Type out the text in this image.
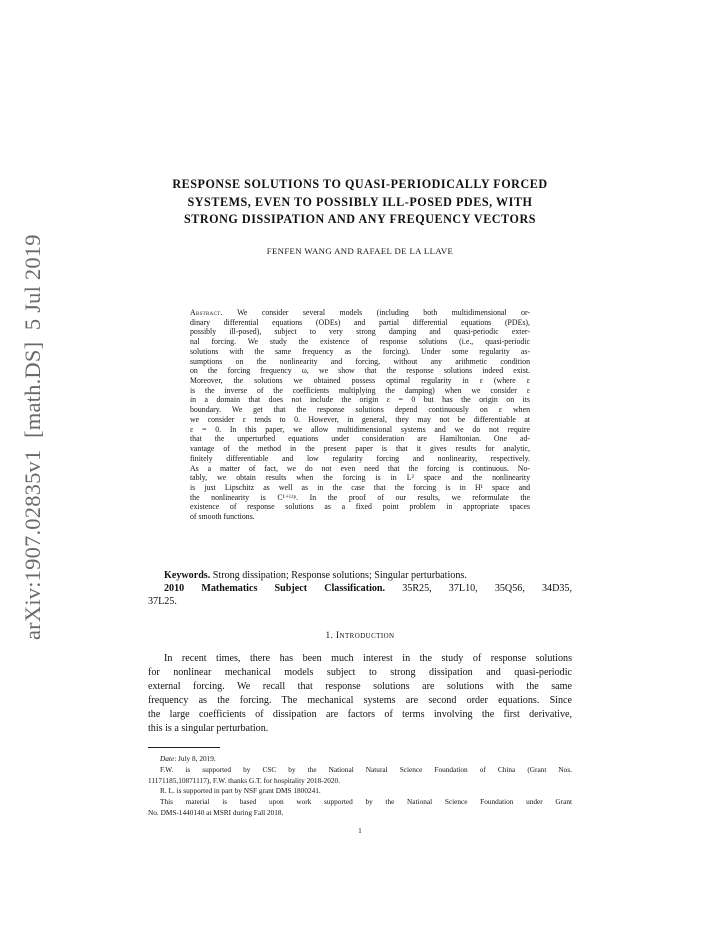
arXiv:1907.02835v1  [math.DS]  5 Jul 2019
RESPONSE SOLUTIONS TO QUASI-PERIODICALLY FORCED
SYSTEMS, EVEN TO POSSIBLY ILL-POSED PDES, WITH
STRONG DISSIPATION AND ANY FREQUENCY VECTORS

FENFEN WANG AND RAFAEL DE LA LLAVE

Abstract. We consider several models (including both multidimensional or-
dinary differential equations (ODEs) and partial differential equations (PDEs),
possibly ill-posed), subject to very strong damping and quasi-periodic exter-
nal forcing. We study the existence of response solutions (i.e., quasi-periodic
solutions with the same frequency as the forcing). Under some regularity as-
sumptions on the nonlinearity and forcing, without any arithmetic condition
on the forcing frequency ω, we show that the response solutions indeed exist.
Moreover, the solutions we obtained possess optimal regularity in ε (where ε
is the inverse of the coefficients multiplying the damping) when we consider ε
in a domain that does not include the origin ε = 0 but has the origin on its
boundary. We get that the response solutions depend continuously on ε when
we consider ε tends to 0. However, in general, they may not be differentiable at
ε = 0. In this paper, we allow multidimensional systems and we do not require
that the unperturbed equations under consideration are Hamiltonian. One ad-
vantage of the method in the present paper is that it gives results for analytic,
finitely differentiable and low regularity forcing and nonlinearity, respectively.
As a matter of fact, we do not even need that the forcing is continuous. No-
tably, we obtain results when the forcing is in L² space and the nonlinearity
is just Lipschitz as well as in the case that the forcing is in H¹ space and
the nonlinearity is C¹⁺ᴸⁱᵖ. In the proof of our results, we reformulate the
existence of response solutions as a fixed point problem in appropriate spaces
of smooth functions.
Keywords. Strong dissipation; Response solutions; Singular perturbations.
2010 Mathematics Subject Classification. 35R25, 37L10, 35Q56, 34D35,
37L25.

1. Introduction

In recent times, there has been much interest in the study of response solutions
for nonlinear mechanical models subject to strong dissipation and quasi-periodic
external forcing. We recall that response solutions are solutions with the same
frequency as the forcing. The mechanical systems are second order equations. Since
the large coefficients of dissipation are factors of terms involving the first derivative,
this is a singular perturbation.
Date: July 8, 2019.
F.W. is supported by CSC by the National Natural Science Foundation of China (Grant Nos.
11171185,10871117), F.W. thanks G.T. for hospitality 2018-2020.
R. L. is supported in part by NSF grant DMS 1800241.
This material is based upon work supported by the National Science Foundation under Grant
No. DMS-1440140 at MSRI during Fall 2018.

1
